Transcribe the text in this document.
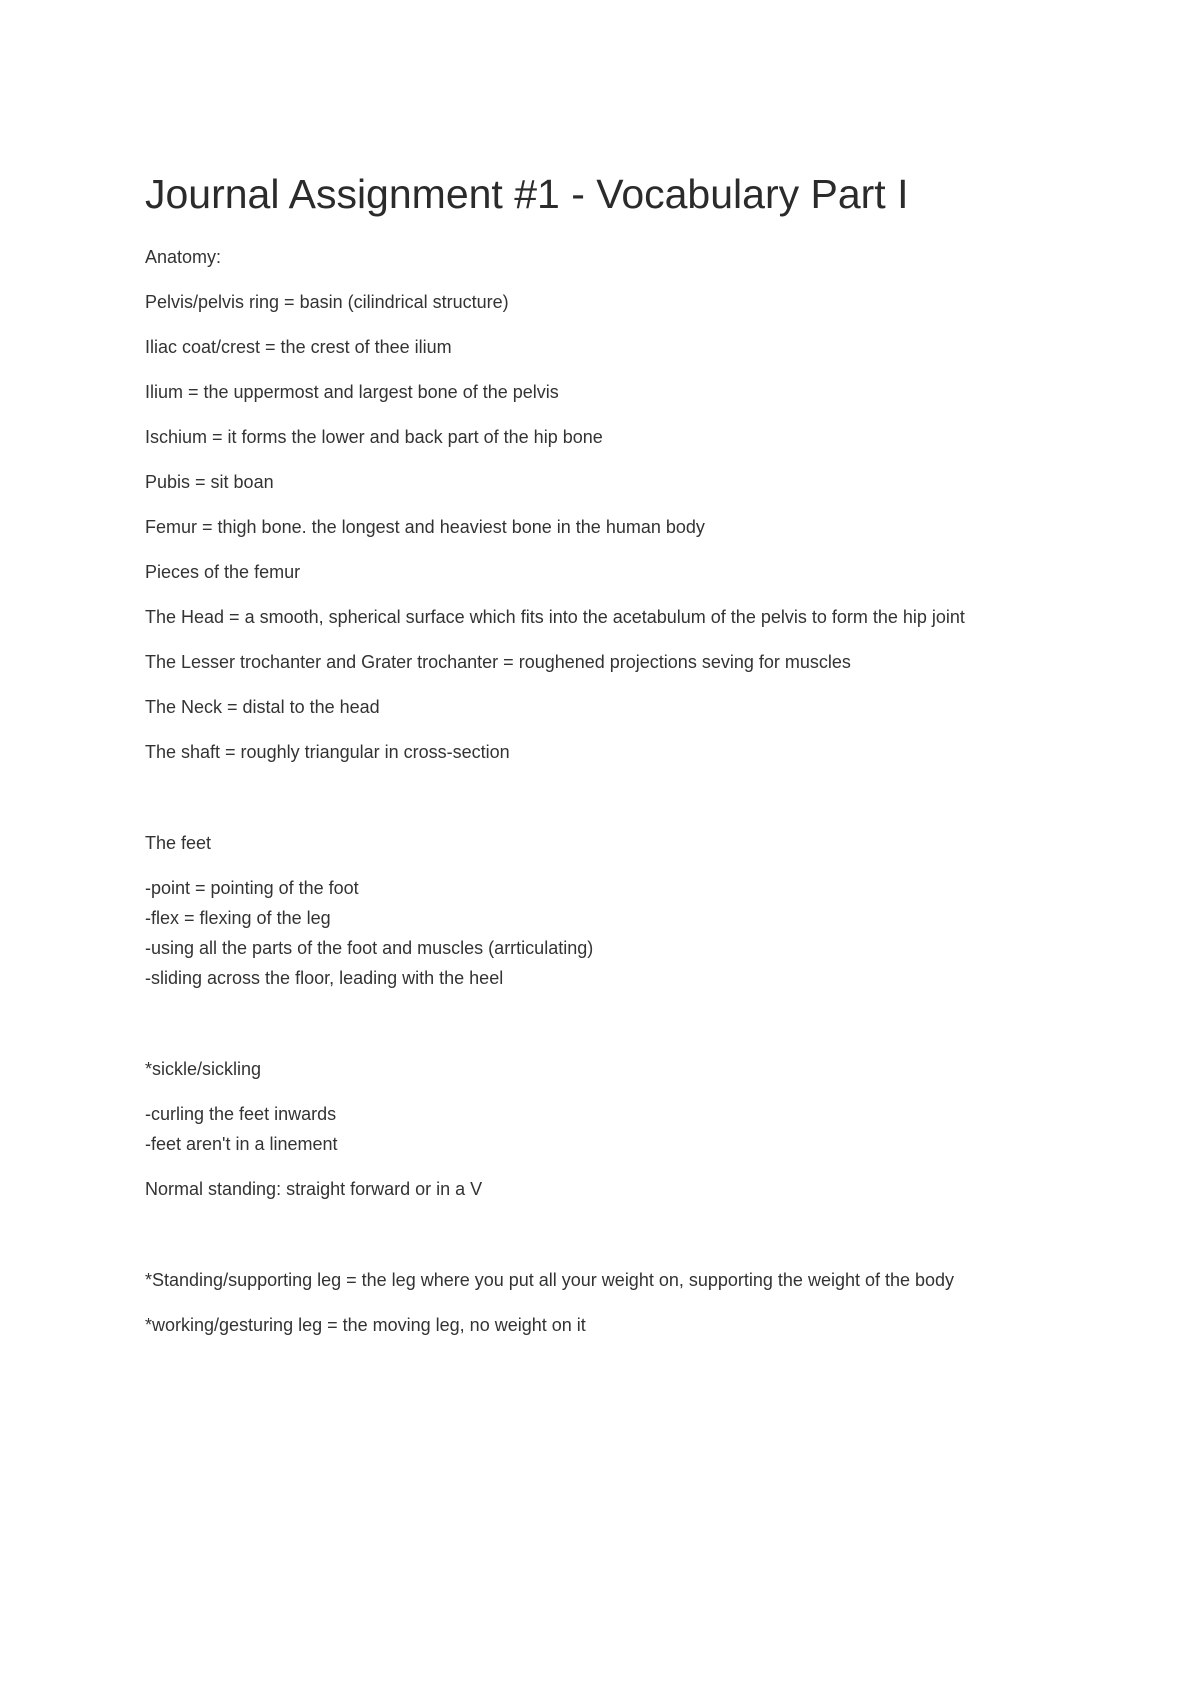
Journal Assignment #1 - Vocabulary Part I
Anatomy:
Pelvis/pelvis ring = basin (cilindrical structure)
Iliac coat/crest = the crest of thee ilium
Ilium = the uppermost and largest bone of the pelvis
Ischium = it forms the lower and back part of the hip bone
Pubis = sit boan
Femur = thigh bone. the longest and heaviest bone in the human body
Pieces of the femur
The Head = a smooth, spherical surface which fits into the acetabulum of the pelvis to form the hip joint
The Lesser trochanter and Grater trochanter = roughened projections seving for muscles
The Neck = distal to the head
The shaft = roughly triangular in cross-section
The feet
-point = pointing of the foot
-flex = flexing of the leg
-using all the parts of the foot and muscles (arrticulating)
-sliding across the floor, leading with the heel
*sickle/sickling
-curling the feet inwards
-feet aren't in a linement
Normal standing: straight forward or in a V
*Standing/supporting leg = the leg where you put all your weight on, supporting the weight of the body
*working/gesturing leg = the moving leg, no weight on it
